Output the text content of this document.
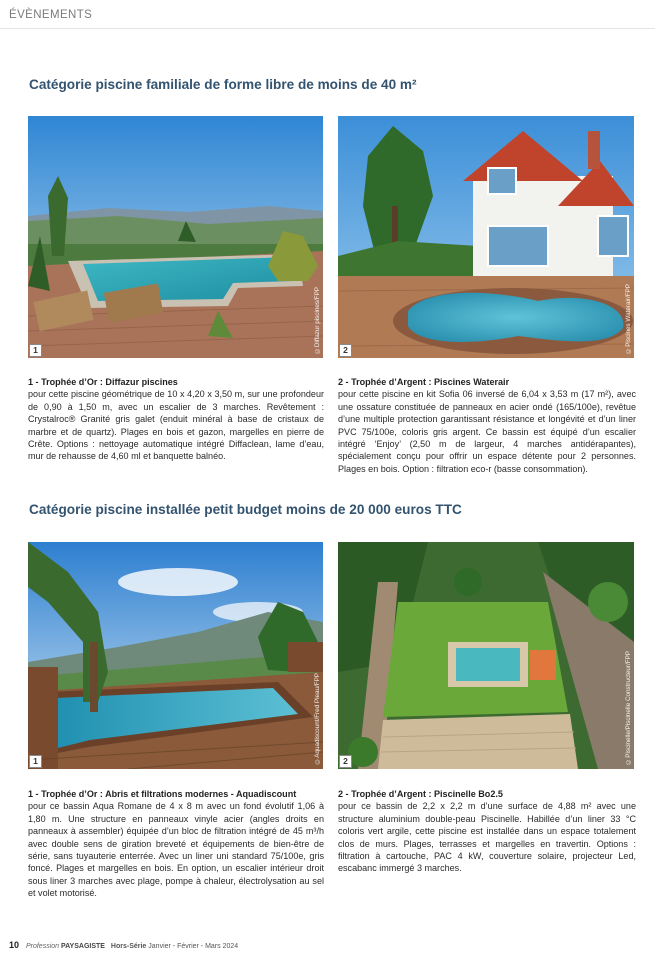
ÉVÈNEMENTS
Catégorie piscine familiale de forme libre de moins de 40 m²
1	©Diffazur piscines/FPP	2	©Piscines Waterair/FPP
1 - Trophée d’Or : Diffazur piscines
pour cette piscine géométrique de 10 x 4,20 x 3,50 m, sur une profondeur de 0,90 à 1,50 m, avec un escalier de 3 marches. Revêtement : Crystalroc® Granité gris galet (enduit minéral à base de cristaux de marbre et de quartz). Plages en bois et gazon, margelles en pierre de Crête. Options : nettoyage automatique intégré Diffaclean, lame d’eau, mur de rehausse de 4,60 ml et banquette balnéo.
2 - Trophée d’Argent : Piscines Waterair
pour cette piscine en kit Sofia 06 inversé de 6,04 x 3,53 m (17 m²), avec une ossature constituée de panneaux en acier ondé (165/100e), revêtue d’une multiple protection garantissant résistance et longévité et d’un liner PVC 75/100e, coloris gris argent. Ce bassin est équipé d’un escalier intégré ‘Enjoy’ (2,50 m de largeur, 4 marches antidérapantes), spécialement conçu pour offrir un espace détente pour 2 personnes. Plages en bois. Option : filtration eco-r (basse consommation).
Catégorie piscine installée petit budget moins de 20 000 euros TTC
1	©Aquadiscount/Fred Pieau/FPP	2	©Piscinelle/Piscinelle Constructeur/FPP
1 - Trophée d’Or : Abris et filtrations modernes - Aquadiscount
pour ce bassin Aqua Romane de 4 x 8 m avec un fond évolutif 1,06 à 1,80 m. Une structure en panneaux vinyle acier (angles droits en panneaux à assembler) équipée d’un bloc de filtration intégré de 45 m³/h avec double sens de giration breveté et équipements de bien-être de série, sans tuyauterie enterrée. Avec un liner uni standard 75/100e, gris foncé. Plages et margelles en bois. En option, un escalier intérieur droit sous liner 3 marches avec plage, pompe à chaleur, électrolysation au sel et volet motorisé.
2 - Trophée d’Argent : Piscinelle Bo2.5
pour ce bassin de 2,2 x 2,2 m d’une surface de 4,88 m² avec une structure aluminium double-peau Piscinelle. Habillée d’un liner 33 °C coloris vert argile, cette piscine est installée dans un espace totalement clos de murs. Plages, terrasses et margelles en travertin. Options : filtration à cartouche, PAC 4 kW, couverture solaire, projecteur Led, escabanc immergé 3 marches.
10 Profession PAYSAGISTE Hors-Série Janvier - Février - Mars 2024
